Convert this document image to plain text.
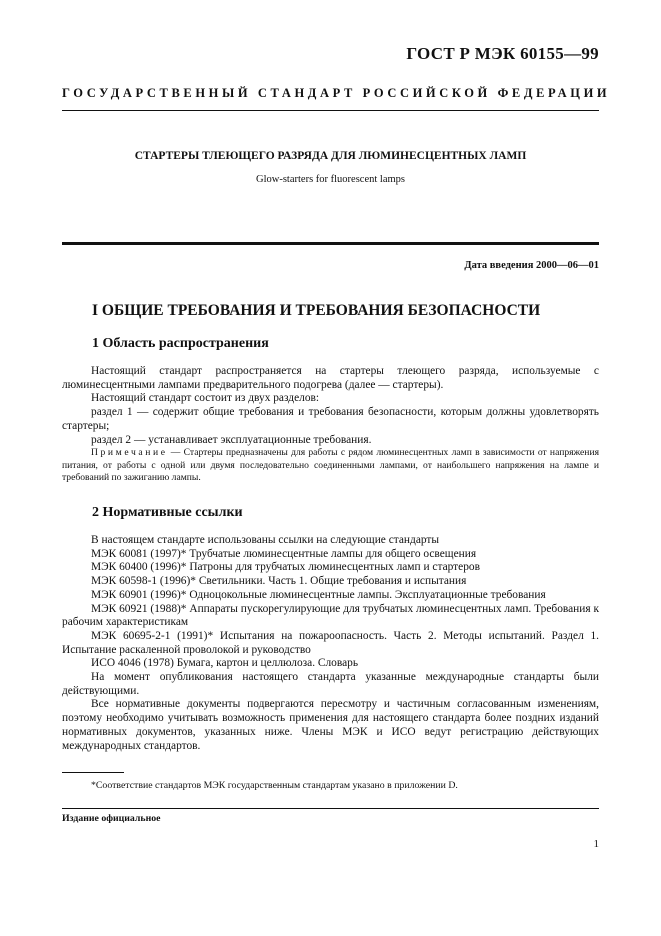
ГОСТ Р МЭК 60155—99
ГОСУДАРСТВЕННЫЙ СТАНДАРТ РОССИЙСКОЙ ФЕДЕРАЦИИ
СТАРТЕРЫ ТЛЕЮЩЕГО РАЗРЯДА ДЛЯ ЛЮМИНЕСЦЕНТНЫХ ЛАМП
Glow-starters for fluorescent lamps
Дата введения 2000—06—01
I ОБЩИЕ ТРЕБОВАНИЯ И ТРЕБОВАНИЯ БЕЗОПАСНОСТИ
1 Область распространения

Настоящий стандарт распространяется на стартеры тлеющего разряда, используемые с люминесцентными лампами предварительного подогрева (далее — стартеры).

Настоящий стандарт состоит из двух разделов:

раздел 1 — содержит общие требования и требования безопасности, которым должны удовлетворять стартеры;

раздел 2 — устанавливает эксплуатационные требования.

Примечание — Стартеры предназначены для работы с рядом люминесцентных ламп в зависимости от напряжения питания, от работы с одной или двумя последовательно соединенными лампами, от наибольшего напряжения на лампе и требований по зажиганию лампы.

2 Нормативные ссылки

В настоящем стандарте использованы ссылки на следующие стандарты

МЭК 60081 (1997)* Трубчатые люминесцентные лампы для общего освещения

МЭК 60400 (1996)* Патроны для трубчатых люминесцентных ламп и стартеров

МЭК 60598-1 (1996)* Светильники. Часть 1. Общие требования и испытания

МЭК 60901 (1996)* Одноцокольные люминесцентные лампы. Эксплуатационные требования

МЭК 60921 (1988)* Аппараты пускорегулирующие для трубчатых люминесцентных ламп. Требования к рабочим характеристикам

МЭК 60695-2-1 (1991)* Испытания на пожароопасность. Часть 2. Методы испытаний. Раздел 1. Испытание раскаленной проволокой и руководство

ИСО 4046 (1978) Бумага, картон и целлюлоза. Словарь

На момент опубликования настоящего стандарта указанные международные стандарты были действующими.

Все нормативные документы подвергаются пересмотру и частичным согласованным изменениям, поэтому необходимо учитывать возможность применения для настоящего стандарта более поздних изданий нормативных документов, указанных ниже. Члены МЭК и ИСО ведут регистрацию действующих международных стандартов.

*Соответствие стандартов МЭК государственным стандартам указано в приложении D.
Издание официальное
1
